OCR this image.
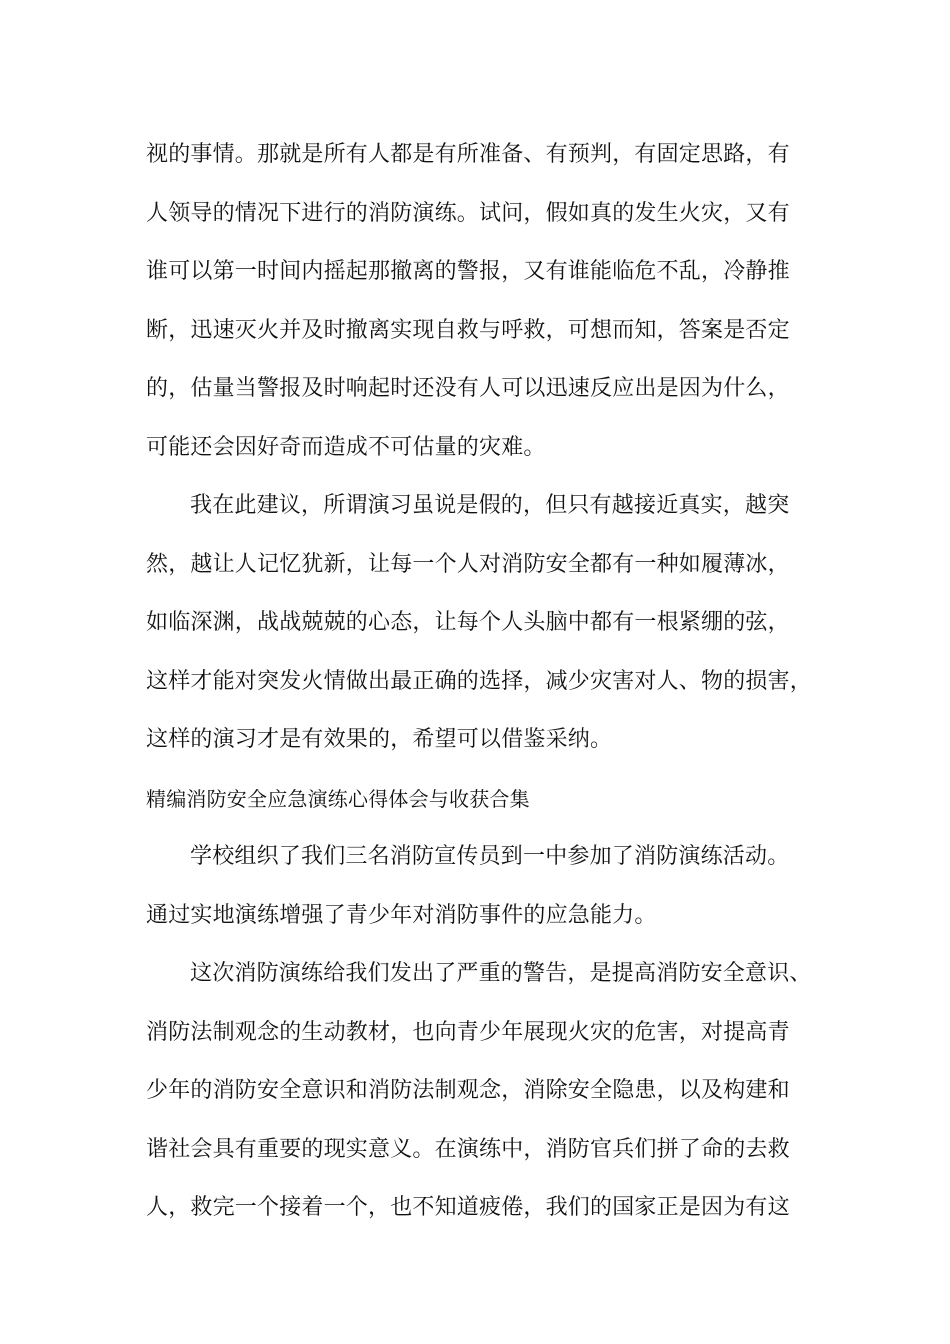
视的事情。那就是所有人都是有所准备、有预判，有固定思路，有
人领导的情况下进行的消防演练。试问，假如真的发生火灾，又有
谁可以第一时间内摇起那撤离的警报，又有谁能临危不乱，冷静推
断，迅速灭火并及时撤离实现自救与呼救，可想而知，答案是否定
的，估量当警报及时响起时还没有人可以迅速反应出是因为什么，
可能还会因好奇而造成不可估量的灾难。
我在此建议，所谓演习虽说是假的，但只有越接近真实，越突
然，越让人记忆犹新，让每一个人对消防安全都有一种如履薄冰，
如临深渊，战战兢兢的心态，让每个人头脑中都有一根紧绷的弦，
这样才能对突发火情做出最正确的选择，减少灾害对人、物的损害，
这样的演习才是有效果的，希望可以借鉴采纳。
精编消防安全应急演练心得体会与收获合集
学校组织了我们三名消防宣传员到一中参加了消防演练活动。
通过实地演练增强了青少年对消防事件的应急能力。
这次消防演练给我们发出了严重的警告，是提高消防安全意识、
消防法制观念的生动教材，也向青少年展现火灾的危害，对提高青
少年的消防安全意识和消防法制观念，消除安全隐患，以及构建和
谐社会具有重要的现实意义。在演练中，消防官兵们拼了命的去救
人，救完一个接着一个，也不知道疲倦，我们的国家正是因为有这
